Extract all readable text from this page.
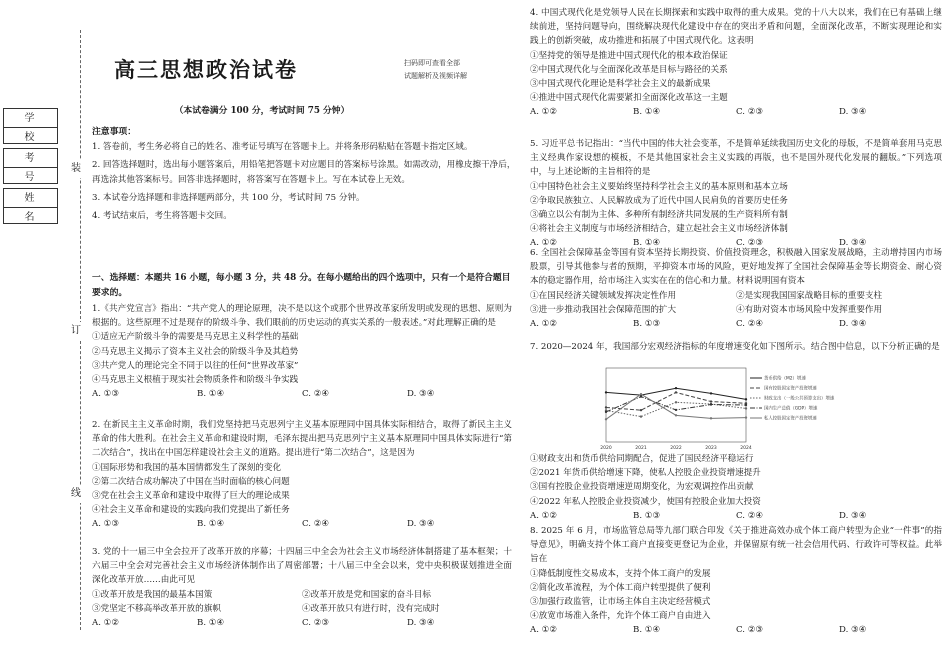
装
订
线
学 校
考 号
姓 名
高三思想政治试卷	扫码即可查看全部
试题解析及视频详解
（本试卷满分 100 分，考试时间 75 分钟）
注意事项：
1. 答卷前，考生务必将自己的姓名、准考证号填写在答题卡上。并将条形码粘贴在答题卡指定区域。
2. 回答选择题时，选出每小题答案后，用铅笔把答题卡对应题目的答案标号涂黑。如需改动，用橡皮擦干净后，再选涂其他答案标号。回答非选择题时，将答案写在答题卡上。写在本试卷上无效。
3. 本试卷分选择题和非选择题两部分，共 100 分，考试时间 75 分钟。
4. 考试结束后，考生将答题卡交回。
一、选择题：本题共 16 小题，每小题 3 分，共 48 分。在每小题给出的四个选项中，只有一个是符合题目要求的。
1.《共产党宣言》指出：“共产党人的理论原理，决不是以这个或那个世界改革家所发明或发现的思想、原则为根据的。这些原理不过是现存的阶级斗争、我们眼前的历史运动的真实关系的一般表述。”对此理解正确的是
①适应无产阶级斗争的需要是马克思主义科学性的基础
②马克思主义揭示了资本主义社会的阶级斗争及其趋势
③共产党人的理论完全不同于以往的任何“世界改革家”
④马克思主义根植于现实社会物质条件和阶级斗争实践
A. ①③	B. ①④	C. ②④	D. ③④
2. 在新民主主义革命时期，我们党坚持把马克思列宁主义基本原理同中国具体实际相结合，取得了新民主主义革命的伟大胜利。在社会主义革命和建设时期，毛泽东提出把马克思列宁主义基本原理同中国具体实际进行“第二次结合”，找出在中国怎样建设社会主义的道路。提出进行“第二次结合”，这是因为
①国际形势和我国的基本国情都发生了深刻的变化
②第二次结合成功解决了中国在当时面临的核心问题
③党在社会主义革命和建设中取得了巨大的理论成果
④社会主义革命和建设的实践向我们党提出了新任务
A. ①③	B. ①④	C. ②④	D. ③④
3. 党的十一届三中全会拉开了改革开放的序幕；十四届三中全会为社会主义市场经济体制搭建了基本框架；十六届三中全会对完善社会主义市场经济体制作出了周密部署；十八届三中全会以来，党中央积极谋划推进全面深化改革开放……由此可见
①改革开放是我国的最基本国策	②改革开放是党和国家的奋斗目标
③党坚定不移高举改革开放的旗帜	④改革开放只有进行时，没有完成时
A. ①②	B. ①④	C. ②③	D. ③④
4. 中国式现代化是党领导人民在长期探索和实践中取得的重大成果。党的十八大以来，我们在已有基础上继续前进，坚持问题导向，围绕解决现代化建设中存在的突出矛盾和问题，全面深化改革，不断实现理论和实践上的创新突破，成功推进和拓展了中国式现代化。这表明
①坚持党的领导是推进中国式现代化的根本政治保证
②中国式现代化与全面深化改革是目标与路径的关系
③中国式现代化理论是科学社会主义的最新成果
④推进中国式现代化需要紧扣全面深化改革这一主题
A. ①②	B. ①④	C. ②③	D. ③④
5. 习近平总书记指出：“当代中国的伟大社会变革，不是简单延续我国历史文化的母版，不是简单套用马克思主义经典作家设想的模板，不是其他国家社会主义实践的再版，也不是国外现代化发展的翻版。”下列选项中，与上述论断的主旨相符的是
①中国特色社会主义要始终坚持科学社会主义的基本原则和基本立场
②争取民族独立、人民解放成为了近代中国人民肩负的首要历史任务
③确立以公有制为主体、多种所有制经济共同发展的生产资料所有制
④将社会主义制度与市场经济相结合，建立起社会主义市场经济体制
A. ①②	B. ①④	C. ②③	D. ③④
6. 全国社会保障基金等国有资本坚持长期投资、价值投资理念，积极融入国家发展战略，主动增持国内市场股票，引导其他参与者的预期，平抑资本市场的风险，更好地发挥了全国社会保障基金等长期资金、耐心资本的稳定器作用，给市场注入实实在在的信心和力量。材料说明国有资本
①在国民经济关键领域发挥决定性作用	②是实现我国国家战略目标的重要支柱
③进一步推动我国社会保障范围的扩大	④有助对资本市场风险中发挥重要作用
A. ①②	B. ①③	C. ②④	D. ③④
7. 2020—2024 年，我国部分宏观经济指标的年度增速变化如下图所示。结合图中信息，以下分析正确的是
2020	2021	2022	2023	2024
货币供给（M2）增速
国有控股固定资产投资增速
财政支出（一般公共预算支出）增速
国内生产总值（GDP）增速
私人控股固定资产投资增速
①财政支出和货币供给同期配合，促进了国民经济平稳运行
②2021 年货币供给增速下降，使私人控股企业投资增速提升
③国有控股企业投资增速逆周期变化，为宏观调控作出贡献
④2022 年私人控股企业投资减少，使国有控股企业加大投资
A. ①②	B. ①③	C. ②④	D. ③④
8. 2025 年 6 月，市场监管总局等九部门联合印发《关于推进高效办成个体工商户转型为企业“一件事”的指导意见》，明确支持个体工商户直接变更登记为企业，并保留原有统一社会信用代码、行政许可等权益。此举旨在
①降低制度性交易成本，支持个体工商户的发展
②简化改革流程，为个体工商户转型提供了便利
③加强行政监管，让市场主体自主决定经营模式
④放宽市场准入条件，允许个体工商户自由进入
A. ①②	B. ①④	C. ②③	D. ③④
